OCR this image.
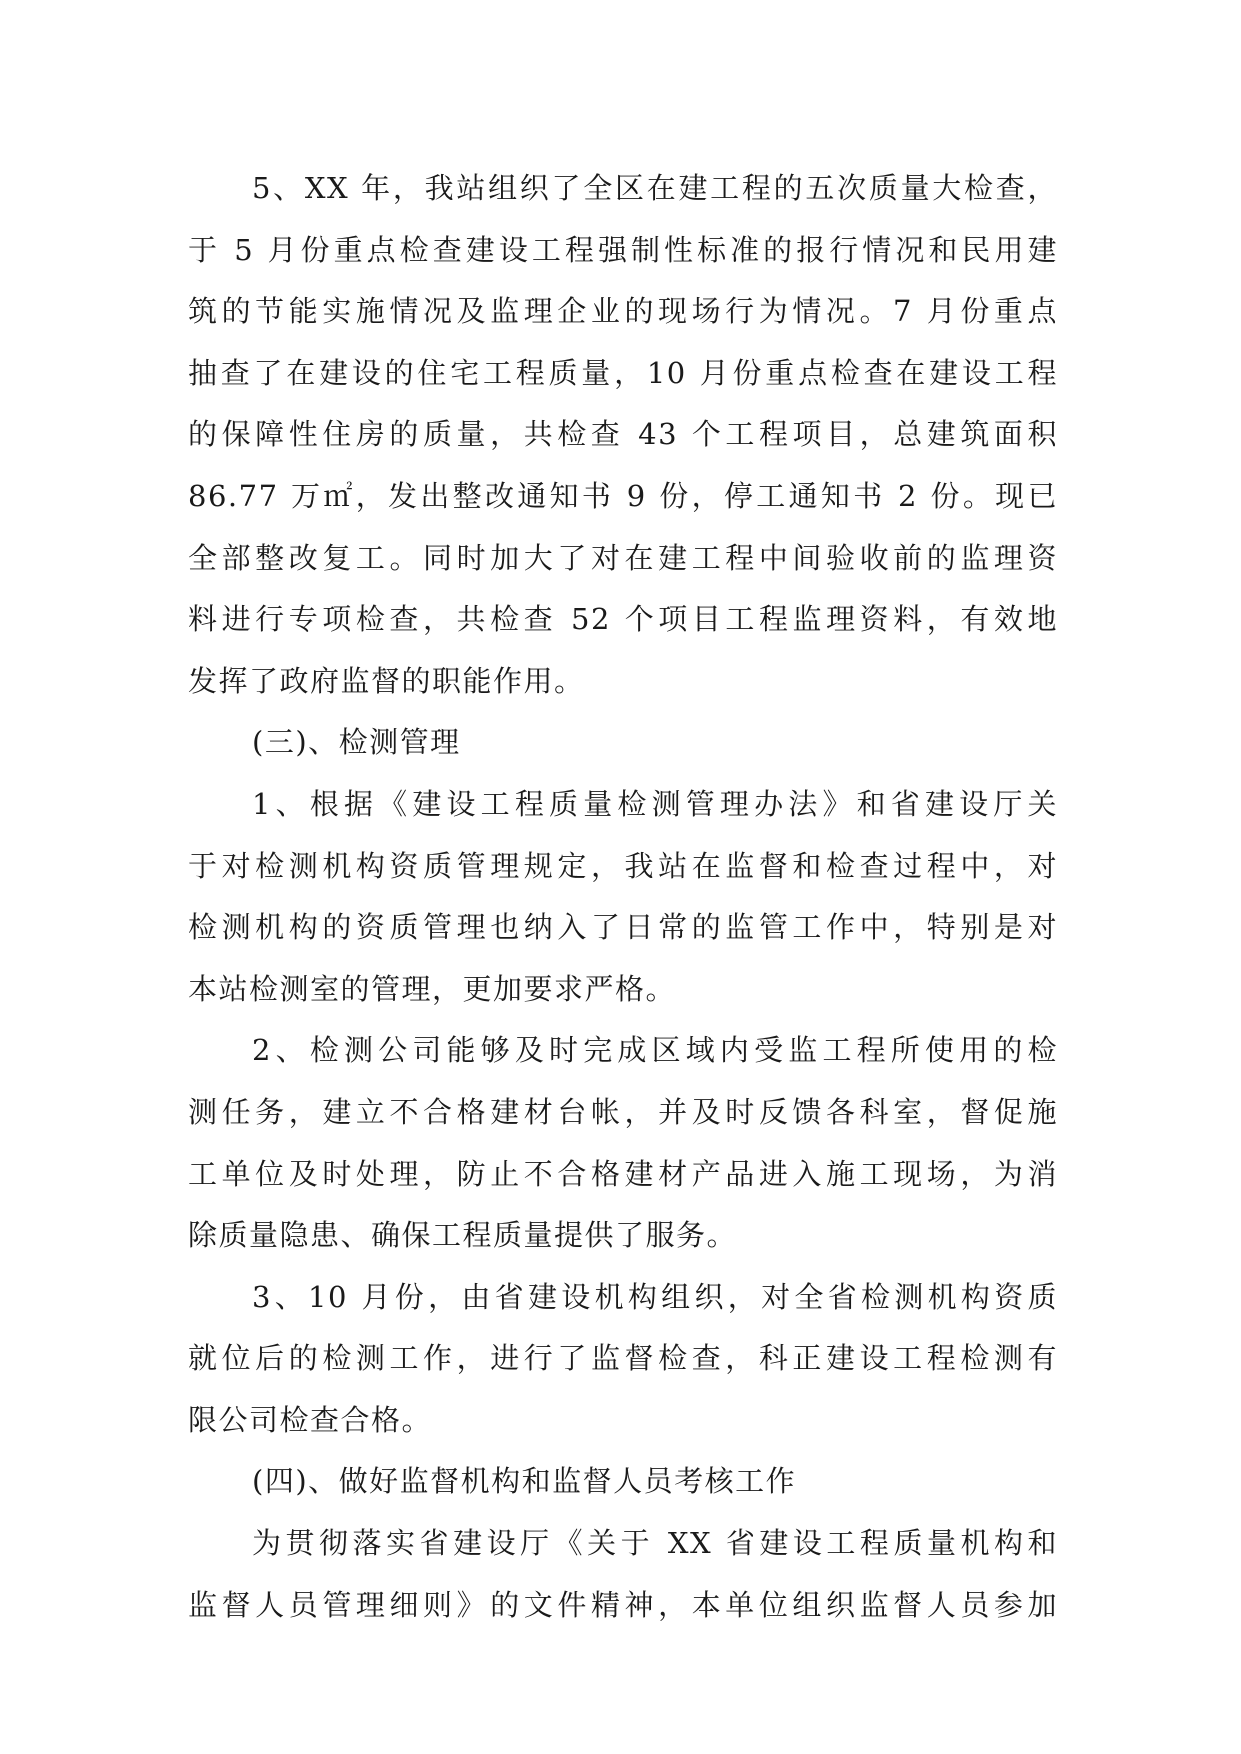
5、XX 年，我站组织了全区在建工程的五次质量大检查，
于 5 月份重点检查建设工程强制性标准的报行情况和民用建
筑的节能实施情况及监理企业的现场行为情况。7 月份重点
抽查了在建设的住宅工程质量，10 月份重点检查在建设工程
的保障性住房的质量，共检查 43 个工程项目，总建筑面积
86.77 万㎡，发出整改通知书 9 份，停工通知书 2 份。现已
全部整改复工。同时加大了对在建工程中间验收前的监理资
料进行专项检查，共检查 52 个项目工程监理资料，有效地
发挥了政府监督的职能作用。
(三)、检测管理
1、根据《建设工程质量检测管理办法》和省建设厅关
于对检测机构资质管理规定，我站在监督和检查过程中，对
检测机构的资质管理也纳入了日常的监管工作中，特别是对
本站检测室的管理，更加要求严格。
2、检测公司能够及时完成区域内受监工程所使用的检
测任务，建立不合格建材台帐，并及时反馈各科室，督促施
工单位及时处理，防止不合格建材产品进入施工现场，为消
除质量隐患、确保工程质量提供了服务。
3、10 月份，由省建设机构组织，对全省检测机构资质
就位后的检测工作，进行了监督检查，科正建设工程检测有
限公司检查合格。
(四)、做好监督机构和监督人员考核工作
为贯彻落实省建设厅《关于 XX 省建设工程质量机构和
监督人员管理细则》的文件精神，本单位组织监督人员参加
